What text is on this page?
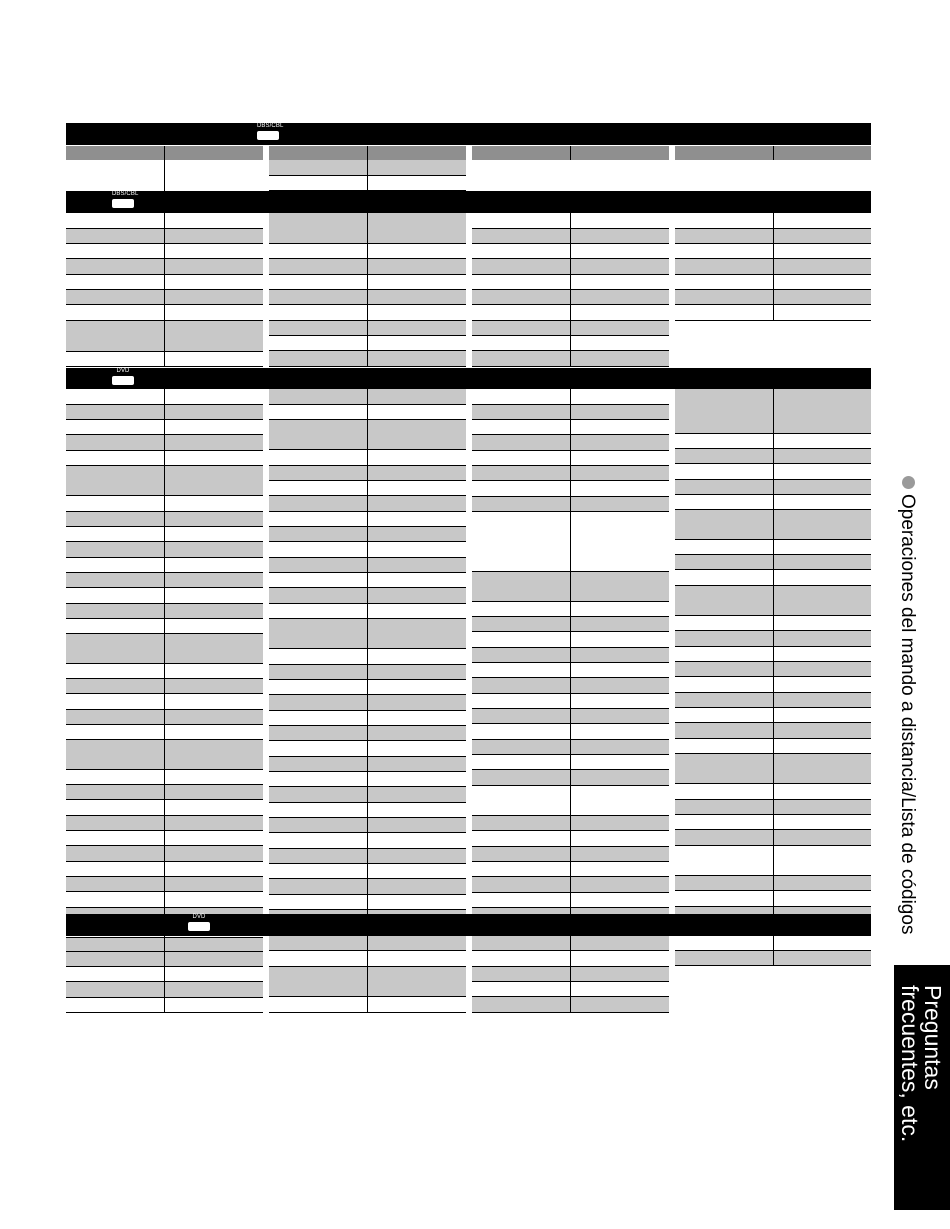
DBS/CBL
DBS/CBL
DVD
DVD	Operaciones del mando a distancia/Lista de códigos
Preguntas
frecuentes, etc.
